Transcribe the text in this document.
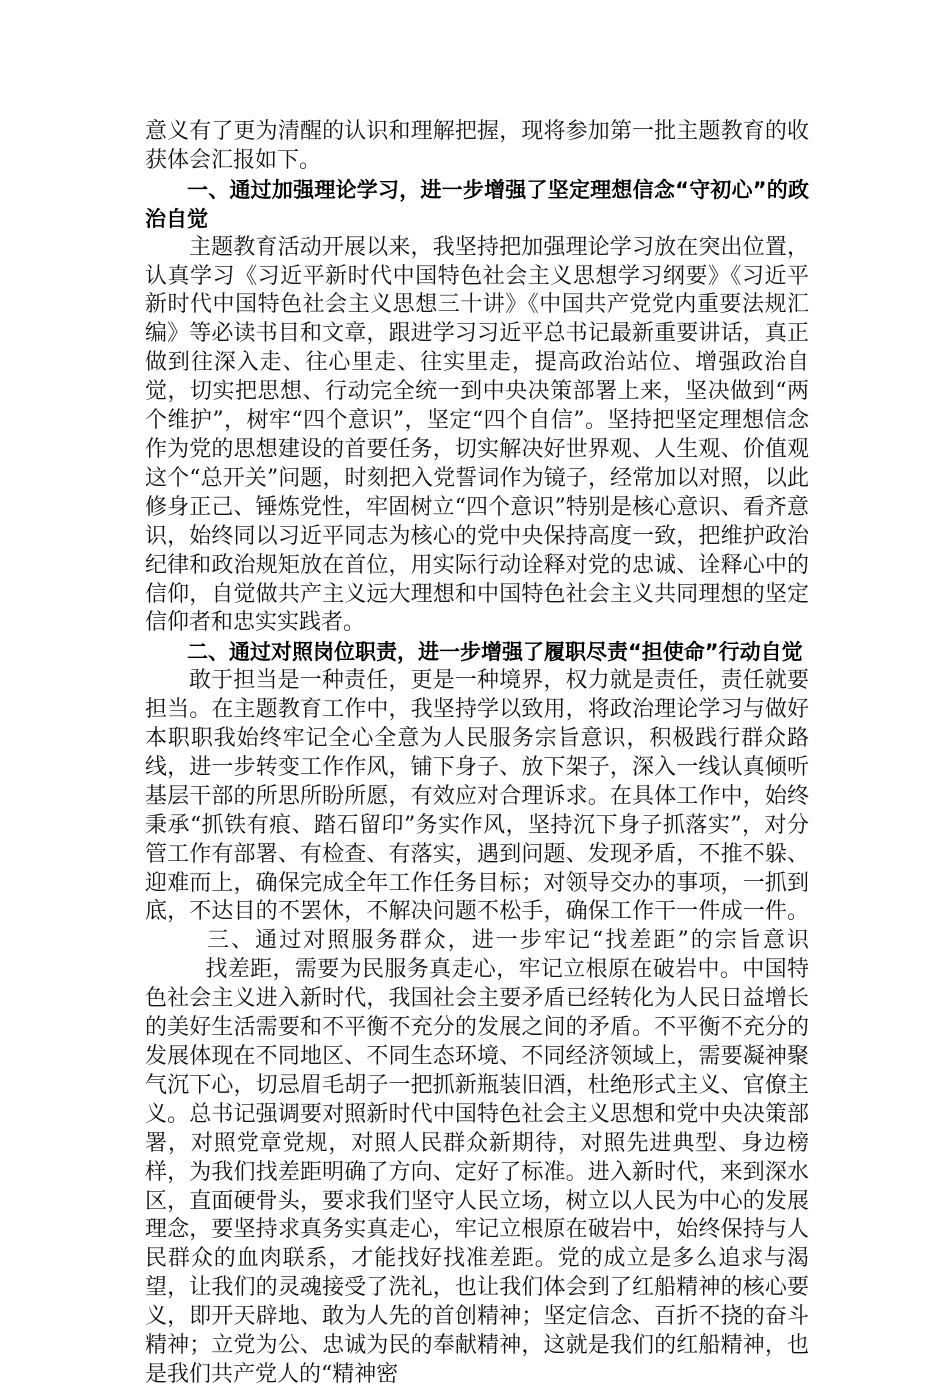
意义有了更为清醒的认识和理解把握，现将参加第一批主题教育的收获体会汇报如下。

一、通过加强理论学习，进一步增强了坚定理想信念“守初心”的政治自觉

主题教育活动开展以来，我坚持把加强理论学习放在突出位置，认真学习《习近平新时代中国特色社会主义思想学习纲要》《习近平新时代中国特色社会主义思想三十讲》《中国共产党党内重要法规汇编》等必读书目和文章，跟进学习习近平总书记最新重要讲话，真正做到往深入走、往心里走、往实里走，提高政治站位、增强政治自觉，切实把思想、行动完全统一到中央决策部署上来，坚决做到“两个维护”，树牢“四个意识”，坚定“四个自信”。坚持把坚定理想信念作为党的思想建设的首要任务，切实解决好世界观、人生观、价值观这个“总开关”问题，时刻把入党誓词作为镜子，经常加以对照，以此修身正己、锤炼党性，牢固树立“四个意识”特别是核心意识、看齐意识，始终同以习近平同志为核心的党中央保持高度一致，把维护政治纪律和政治规矩放在首位，用实际行动诠释对党的忠诚、诠释心中的信仰，自觉做共产主义远大理想和中国特色社会主义共同理想的坚定信仰者和忠实实践者。

二、通过对照岗位职责，进一步增强了履职尽责“担使命”行动自觉

敢于担当是一种责任，更是一种境界，权力就是责任，责任就要担当。在主题教育工作中，我坚持学以致用，将政治理论学习与做好本职职我始终牢记全心全意为人民服务宗旨意识，积极践行群众路线，进一步转变工作作风，铺下身子、放下架子，深入一线认真倾听基层干部的所思所盼所愿，有效应对合理诉求。在具体工作中，始终秉承“抓铁有痕、踏石留印”务实作风，坚持沉下身子抓落实”，对分管工作有部署、有检查、有落实，遇到问题、发现矛盾，不推不躲、迎难而上，确保完成全年工作任务目标；对领导交办的事项，一抓到底，不达目的不罢休，不解决问题不松手，确保工作干一件成一件。三、通过对照服务群众，进一步牢记“找差距”的宗旨意识找差距，需要为民服务真走心，牢记立根原在破岩中。中国特色社会主义进入新时代，我国社会主要矛盾已经转化为人民日益增长的美好生活需要和不平衡不充分的发展之间的矛盾。不平衡不充分的发展体现在不同地区、不同生态环境、不同经济领域上，需要凝神聚气沉下心，切忌眉毛胡子一把抓新瓶装旧酒，杜绝形式主义、官僚主义。总书记强调要对照新时代中国特色社会主义思想和党中央决策部署，对照党章党规，对照人民群众新期待，对照先进典型、身边榜样，为我们找差距明确了方向、定好了标准。进入新时代，来到深水区，直面硬骨头，要求我们坚守人民立场，树立以人民为中心的发展理念，要坚持求真务实真走心，牢记立根原在破岩中，始终保持与人民群众的血肉联系，才能找好找准差距。党的成立是多么追求与渴望，让我们的灵魂接受了洗礼，也让我们体会到了红船精神的核心要义，即开天辟地、敢为人先的首创精神；坚定信念、百折不挠的奋斗精神；立党为公、忠诚为民的奉献精神，这就是我们的红船精神，也是我们共产党人的“精神密
